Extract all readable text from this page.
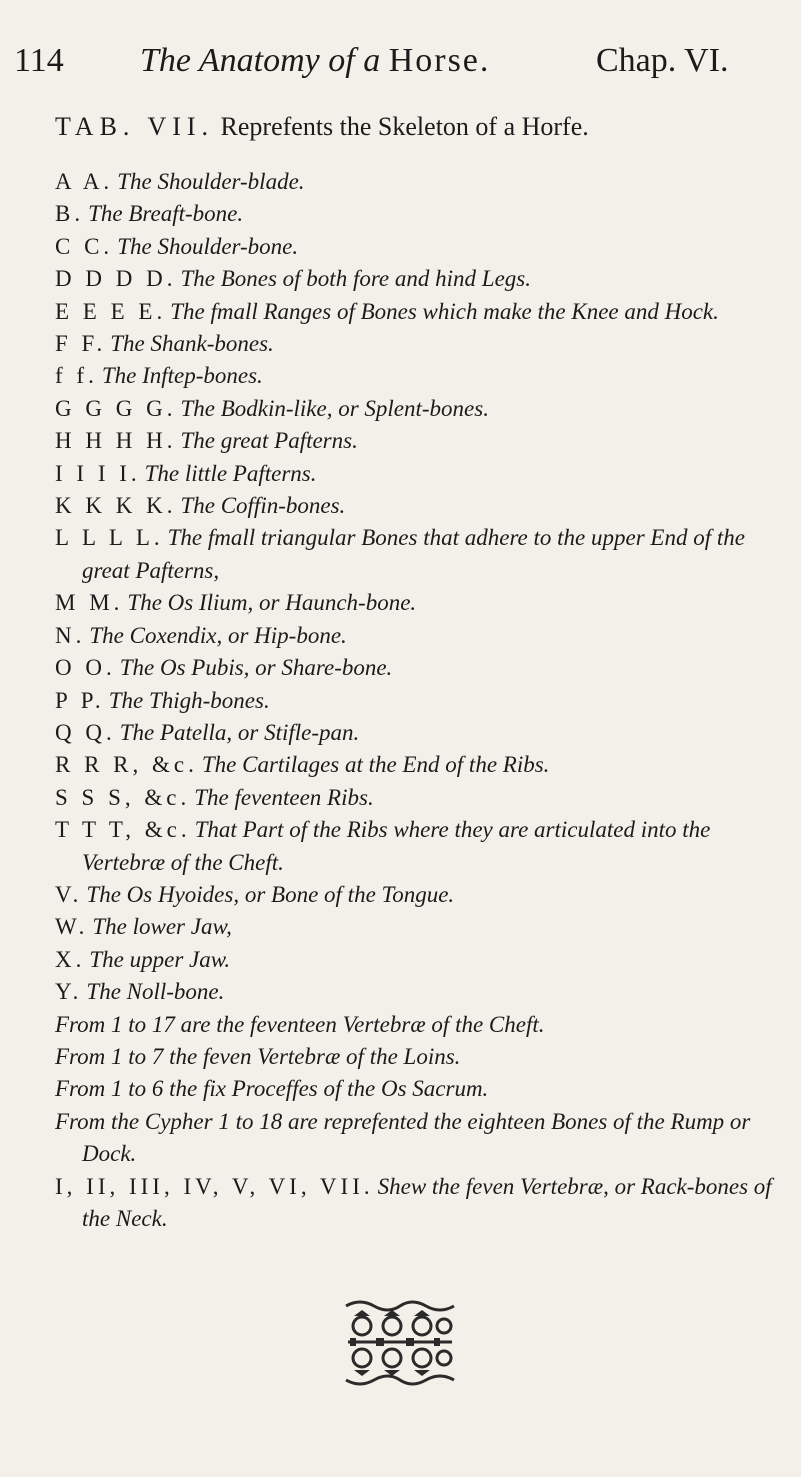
114 The Anatomy of a Horse.	Chap. VI.
TAB. VII. Reprefents the Skeleton of a Horfe.
A A. The Shoulder-blade.
B. The Breaft-bone.
C C. The Shoulder-bone.
D D D D. The Bones of both fore and hind Legs.
E E E E. The fmall Ranges of Bones which make the Knee and Hock.
F F. The Shank-bones.
f f. The Inftep-bones.
G G G G. The Bodkin-like, or Splent-bones.
H H H H. The great Pafterns.
I I I I. The little Pafterns.
K K K K. The Coffin-bones.
L L L L. The fmall triangular Bones that adhere to the upper End of the great Pafterns,
M M. The Os Ilium, or Haunch-bone.
N. The Coxendix, or Hip-bone.
O O. The Os Pubis, or Share-bone.
P P. The Thigh-bones.
Q Q. The Patella, or Stifle-pan.
R R R, &c. The Cartilages at the End of the Ribs.
S S S, &c. The feventeen Ribs.
T T T, &c. That Part of the Ribs where they are articulated into the Vertebræ of the Cheft.
V. The Os Hyoides, or Bone of the Tongue.
W. The lower Jaw,
X. The upper Jaw.
Y. The Noll-bone.
From 1 to 17 are the feventeen Vertebræ of the Cheft.
From 1 to 7 the feven Vertebræ of the Loins.
From 1 to 6 the fix Proceffes of the Os Sacrum.
From the Cypher 1 to 18 are reprefented the eighteen Bones of the Rump or Dock.
I, II, III, IV, V, VI, VII. Shew the feven Vertebræ, or Rack-bones of the Neck.
